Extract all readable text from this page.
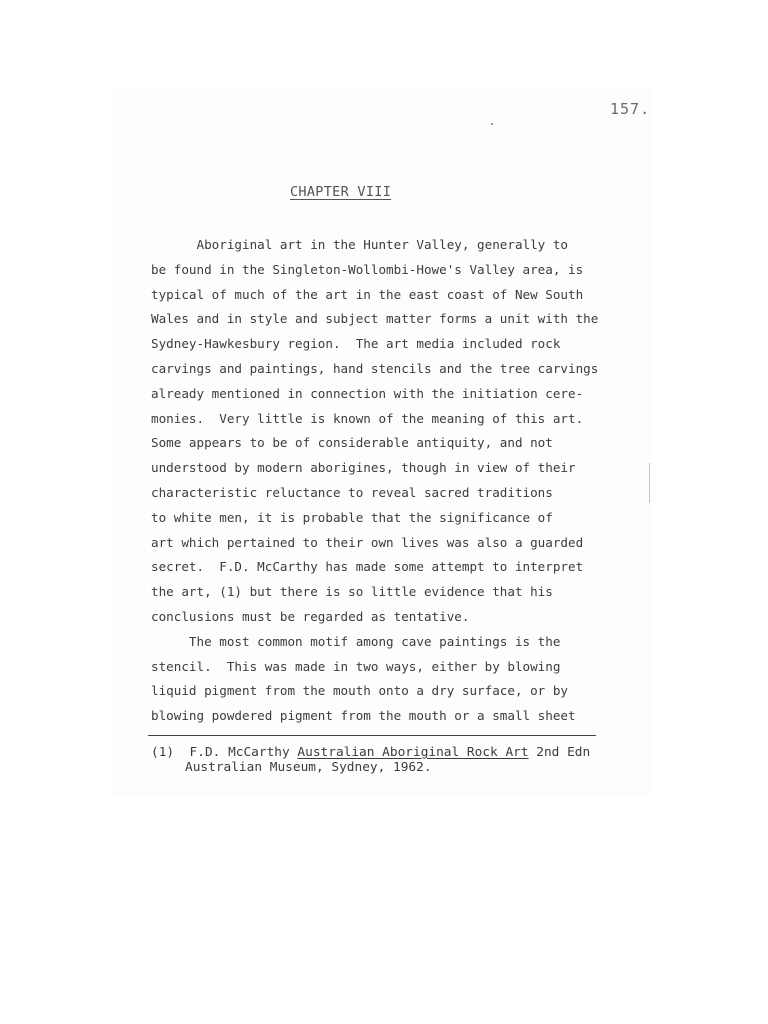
157.
CHAPTER VIII
Aboriginal art in the Hunter Valley, generally to
be found in the Singleton-Wollombi-Howe's Valley area, is
typical of much of the art in the east coast of New South
Wales and in style and subject matter forms a unit with the
Sydney-Hawkesbury region.  The art media included rock
carvings and paintings, hand stencils and the tree carvings
already mentioned in connection with the initiation cere-
monies.  Very little is known of the meaning of this art.
Some appears to be of considerable antiquity, and not
understood by modern aborigines, though in view of their
characteristic reluctance to reveal sacred traditions
to white men, it is probable that the significance of
art which pertained to their own lives was also a guarded
secret.  F.D. McCarthy has made some attempt to interpret
the art, (1) but there is so little evidence that his
conclusions must be regarded as tentative.
The most common motif among cave paintings is the
stencil.  This was made in two ways, either by blowing
liquid pigment from the mouth onto a dry surface, or by
blowing powdered pigment from the mouth or a small sheet
(1) F.D. McCarthy Australian Aboriginal Rock Art 2nd Edn
Australian Museum, Sydney, 1962.
